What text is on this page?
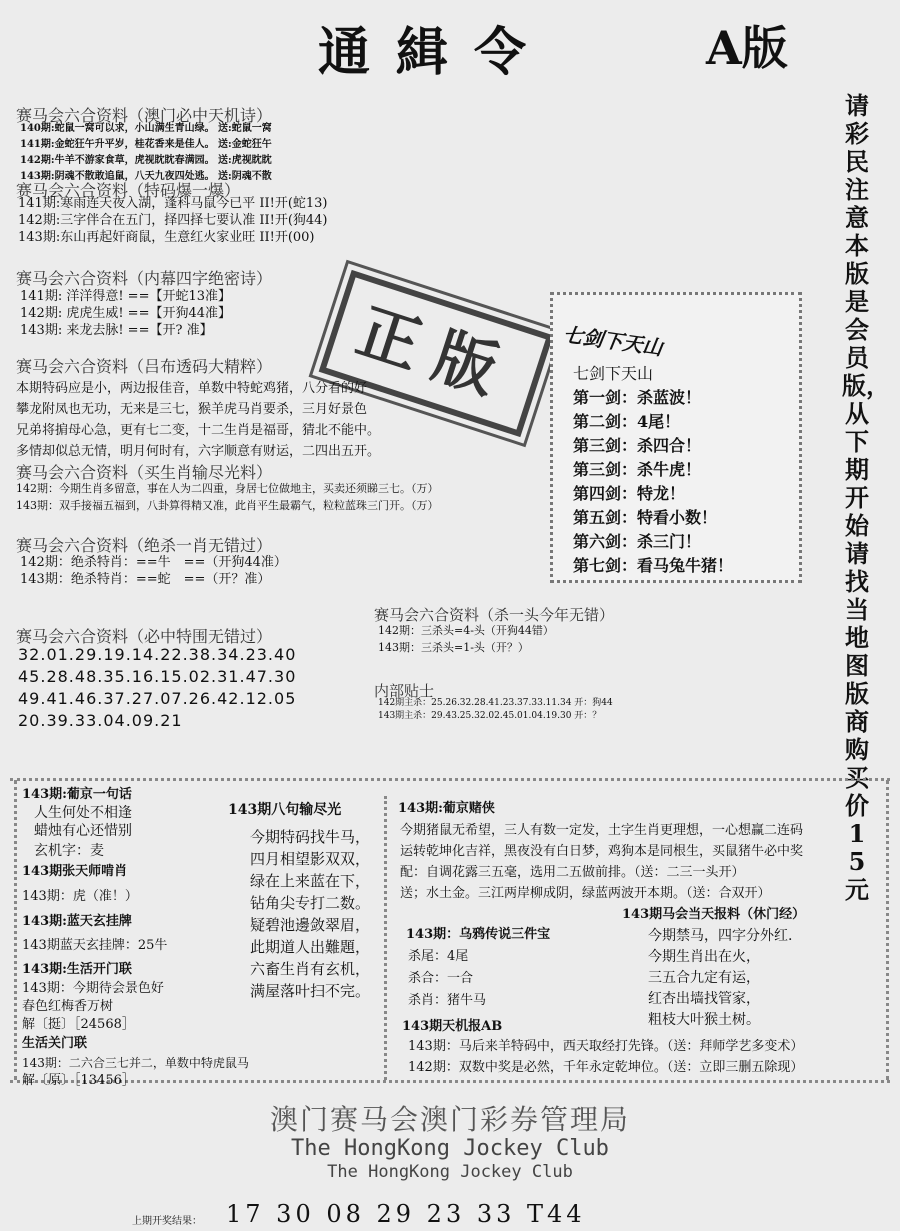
通緝令	A版
请彩民注意本版是会员版，从下期开始请找当地图版商购买价15元
正版
赛马会六合资料（澳门必中天机诗）
140期:蛇鼠一窝可以求，小山满生青山绿。 送:蛇鼠一窝
141期:金蛇狂午升平岁，桂花香来是佳人。 送:金蛇狂午
142期:牛羊不游家食草，虎视眈眈春满园。 送:虎视眈眈
143期:阴魂不散敢追鼠，八天九夜四处逃。 送:阴魂不散
赛马会六合资料（特码爆一爆）
141期:寒雨连天夜入湖，蓬科马鼠今已平 II!开(蛇13)
142期:三字伴合在五门，择四择七要认准 II!开(狗44)
143期:东山再起奸商鼠，生意红火家业旺 II!开(00)
赛马会六合资料（内幕四字绝密诗）
141期: 洋洋得意! ==【开蛇13准】
142期: 虎虎生威! ==【开狗44准】
143期: 来龙去脉! ==【开? 准】
赛马会六合资料（吕布透码大精粹）
本期特码应是小，两边报佳音，单数中特蛇鸡猪，八分看的好
攀龙附凤也无功，无来是三七，猴羊虎马肖要杀，三月好景色
兄弟将掮母心急，更有七二变，十二生肖是福哥，猜北不能中。
多情却似总无情，明月何时有，六字顺意有财运，二四出五开。
赛马会六合资料（买生肖输尽光料）
142期：今期生肖多留意，事在人为二四重，身居七位做地主，买卖还须睇三七。（万）
143期：双手接福五福到，八卦算得精又准，此肖平生最霸气，粒粒蓝珠三门开。（万）
赛马会六合资料（绝杀一肖无错过）
142期：绝杀特肖：==牛　==（开狗44准）
143期：绝杀特肖：==蛇　==（开？准）
赛马会六合资料（必中特围无错过）
32.01.29.19.14.22.38.34.23.40
45.28.48.35.16.15.02.31.47.30
49.41.46.37.27.07.26.42.12.05
20.39.33.04.09.21
七剑下天山
七剑下天山
第一剑：杀蓝波！
第二剑：4尾！
第三剑：杀四合！
第三剑：杀牛虎！
第四剑：特龙！
第五剑：特看小数！
第六剑：杀三门！
第七剑：看马兔牛猪！
赛马会六合资料（杀一头今年无错）
142期：三杀头=4-头（开狗44错）
143期：三杀头=1-头（开？）
内部贴士
142期主杀：25.26.32.28.41.23.37.33.11.34 开：狗44
143期主杀：29.43.25.32.02.45.01.04.19.30 开：？
143期:葡京一句话
人生何处不相逢
蜡烛有心还惜别
玄机字：麦
143期张天师啃肖
143期：虎（准！）
143期:蓝天玄挂牌
143期蓝天玄挂牌：25牛
143期:生活开门联
143期：今期待会景色好
春色红梅香万树
解〔挺〕［24568］
生活关门联
143期：二六合三七并二，单数中特虎鼠马
解〔原〕［13456］
143期八句输尽光
今期特码找牛马，
四月相望影双双，
绿在上来蓝在下，
钻角尖专打二数。
疑碧池邊敛翠眉，
此期道人出難題，
六畜生肖有玄机，
满屋落叶扫不完。
143期:葡京赌侠
今期猪鼠无希望，三人有数一定发，土字生肖更理想，一心想赢二连码
运转乾坤化吉祥，黑夜没有白日梦，鸡狗本是同根生，买鼠猪牛必中奖
配：自调花露三五毫，选用二五做前排。（送：二三一头开）
送；水土金。三江两岸柳成阴，绿蓝两波开本期。（送：合双开）
143期：乌鸦传说三件宝
杀尾：4尾
杀合：一合
杀肖：猪牛马
143期马会当天报料（休门经）
今期禁马，四字分外红.
今期生肖出在火，
三五合九定有运，
红杏出墙找管家，
粗枝大叶猴土树。
143期天机报AB
143期：马后来羊特码中，西天取经打先锋。（送：拜师学艺多变术）
142期：双数中奖是必然，千年永定乾坤位。（送：立即三删五除现）
澳门赛马会澳门彩券管理局
The HongKong Jockey Club
The HongKong Jockey Club
上期开奖结果： 17 30 08 29 23 33 T44
